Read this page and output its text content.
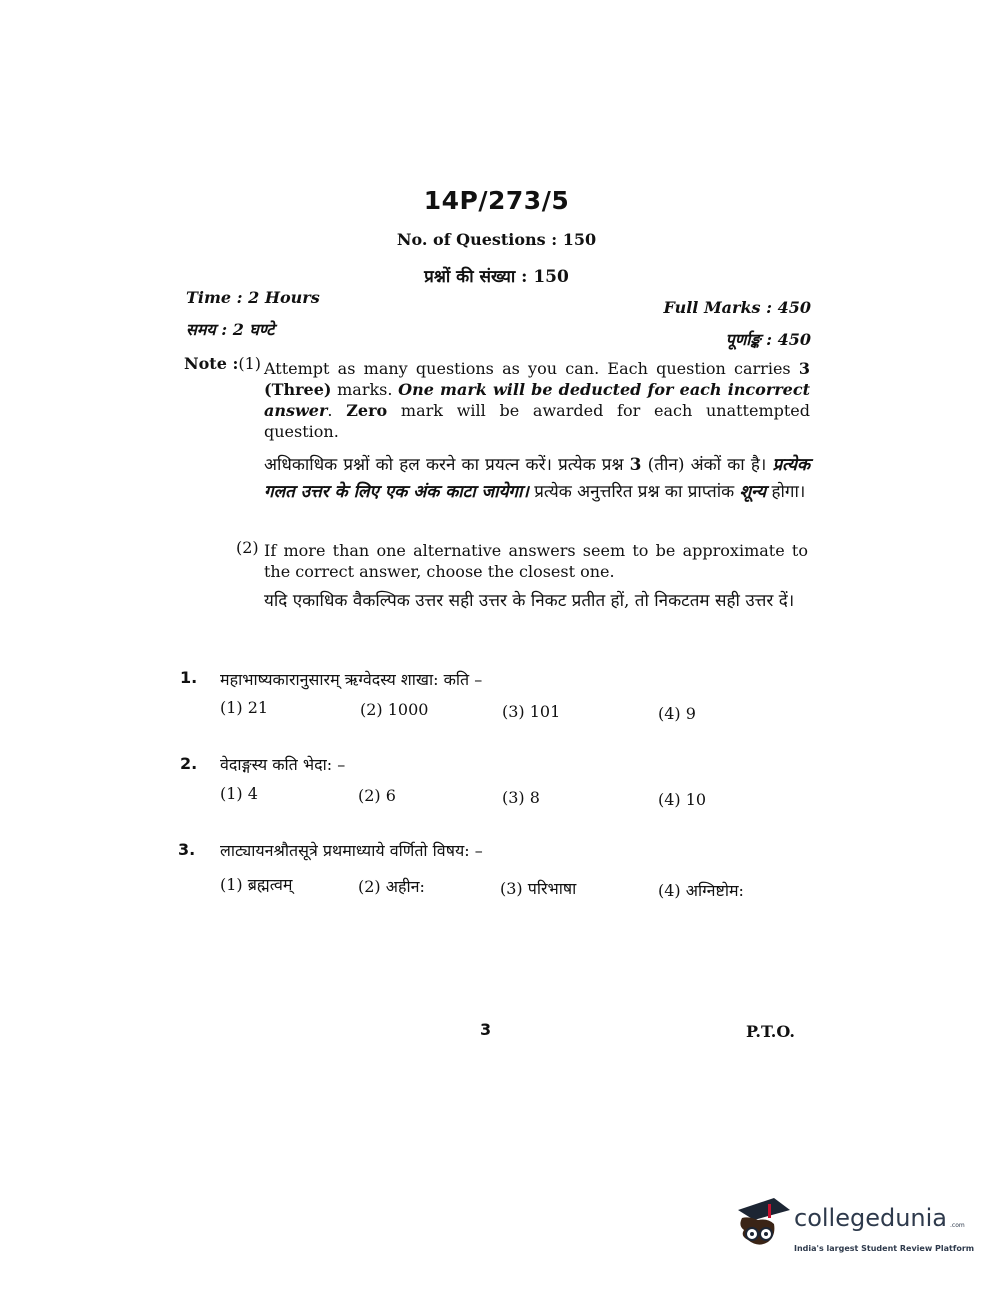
14P/273/5
No. of Questions : 150
प्रश्नों की संख्या : 150
Time : 2 Hours
समय : 2 घण्टे
Full Marks : 450
पूर्णाङ्क : 450
Note :(1) Attempt as many questions as you can. Each question carries 3 (Three) marks. One mark will be deducted for each incorrect answer. Zero mark will be awarded for each unattempted question.
अधिकाधिक प्रश्नों को हल करने का प्रयत्न करें। प्रत्येक प्रश्न 3 (तीन) अंकों का है। प्रत्येक गलत उत्तर के लिए एक अंक काटा जायेगा। प्रत्येक अनुत्तरित प्रश्न का प्राप्तांक शून्य होगा।
(2) If more than one alternative answers seem to be approximate to the correct answer, choose the closest one.
यदि एकाधिक वैकल्पिक उत्तर सही उत्तर के निकट प्रतीत हों, तो निकटतम सही उत्तर दें।
1. महाभाष्यकारानुसारम् ऋग्वेदस्य शाखा: कति –
(1) 21	(2) 1000	(3) 101	(4) 9
2. वेदाङ्गस्य कति भेदा: –
(1) 4	(2) 6	(3) 8	(4) 10
3. लाट्यायनश्रौतसूत्रे प्रथमाध्याये वर्णितो विषय: –
(1) ब्रह्मत्वम्	(2) अहीन:	(3) परिभाषा	(4) अग्निष्टोम:
3	P.T.O.
collegedunia .com
India's largest Student Review Platform
